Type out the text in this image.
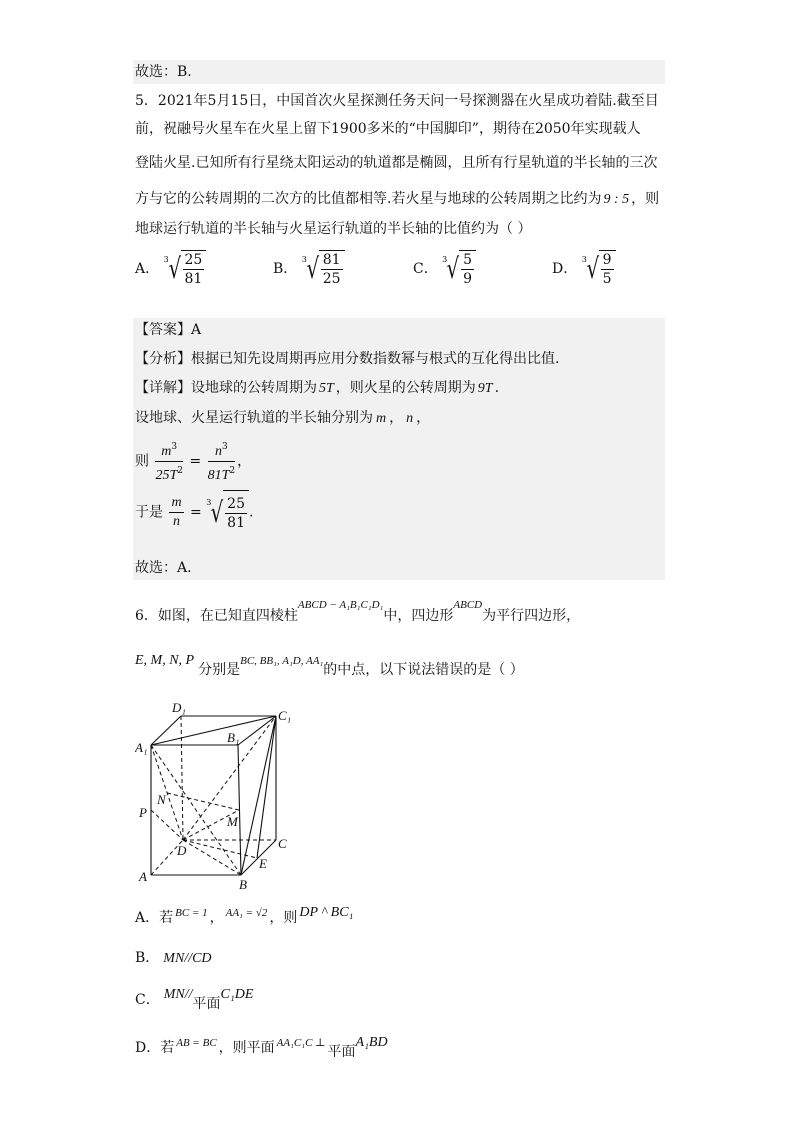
故选：B.
5．2021年5月15日，中国首次火星探测任务天问一号探测器在火星成功着陆.截至目
前，祝融号火星车在火星上留下1900多米的“中国脚印”，期待在2050年实现载人
登陆火星.已知所有行星绕太阳运动的轨道都是椭圆，且所有行星轨道的半长轴的三次
方与它的公转周期的二次方的比值都相等.若火星与地球的公转周期之比约为 9 : 5 ，则
地球运行轨道的半长轴与火星运行轨道的半长轴的比值约为（ ）
A．
3 √ $\frac{25}{81}$	B．
3 √ $\frac{81}{25}$	C．
3 √ $\frac{5}{9}$	D．
3 √ $\frac{9}{5}$
【答案】A
【分析】根据已知先设周期再应用分数指数幂与根式的互化得出比值.
【详解】设地球的公转周期为 5T ，则火星的公转周期为 9T .
设地球、火星运行轨道的半长轴分别为 m ， n ，
则 $\frac{m^3}{25T^2} = \frac{n^3}{81T^2}$ ，
于是 $\frac{m}{n}$ =
3 √ $\frac{25}{81}$ .
故选：A.
6．如图，在已知直四棱柱$^{ABCD - A_1B_1C_1D_1}$中，四边形$^{ABCD}$为平行四边形，
E, M, N, P分别是$^{BC, BB_1, A_1D, AA_1}$的中点，以下说法错误的是（ ）
D₁
C₁
A₁
B₁
N
P
M
D	C
E
A
B
A．若 $^{BC = 1}$ ， $^{AA_1 = √2}$ ，则 DP ^ BC₁
B． MN//CD
C． MN//平面C₁DE
D．若 $^{AB = BC}$ ，则平面 $^{AA_1C_1C \perp}$平面A₁BD
